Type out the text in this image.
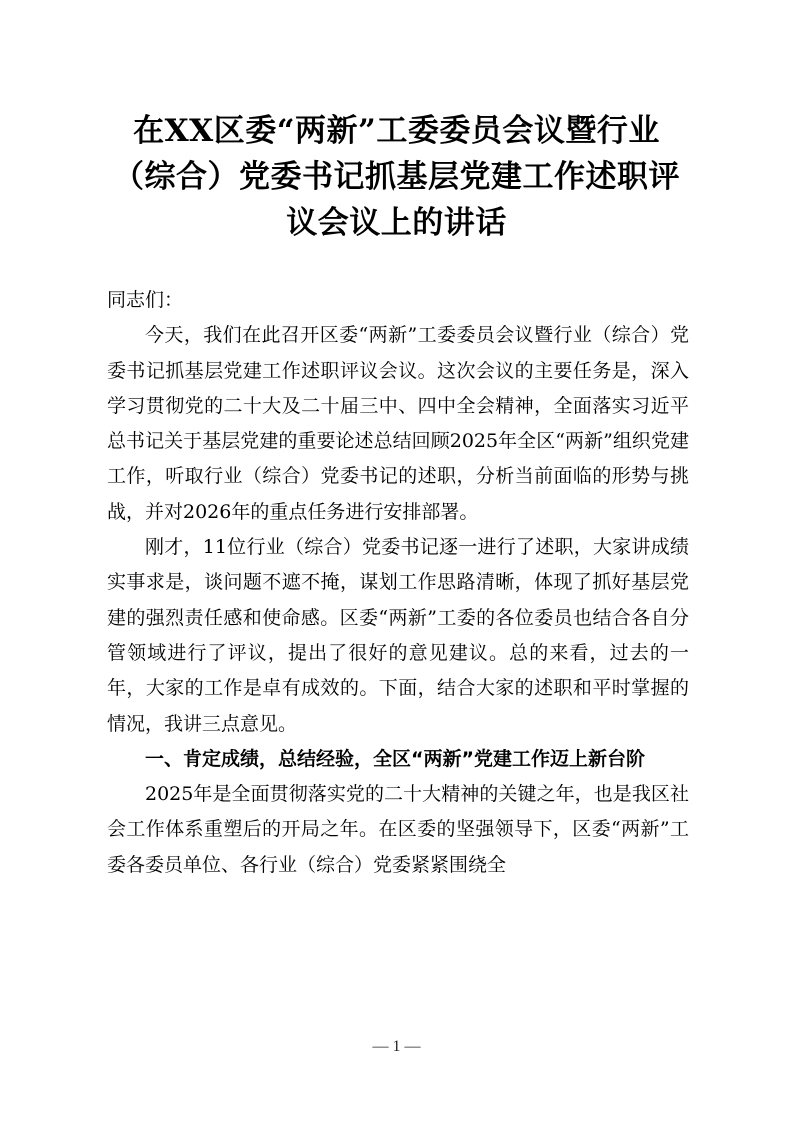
在XX区委“两新”工委委员会议暨行业
（综合）党委书记抓基层党建工作述职评
议会议上的讲话

同志们：

今天，我们在此召开区委“两新”工委委员会议暨行业（综合）党委书记抓基层党建工作述职评议会议。这次会议的主要任务是，深入学习贯彻党的二十大及二十届三中、四中全会精神，全面落实习近平总书记关于基层党建的重要论述总结回顾2025年全区“两新”组织党建工作，听取行业（综合）党委书记的述职，分析当前面临的形势与挑战，并对2026年的重点任务进行安排部署。

刚才，11位行业（综合）党委书记逐一进行了述职，大家讲成绩实事求是，谈问题不遮不掩，谋划工作思路清晰，体现了抓好基层党建的强烈责任感和使命感。区委“两新”工委的各位委员也结合各自分管领域进行了评议，提出了很好的意见建议。总的来看，过去的一年，大家的工作是卓有成效的。下面，结合大家的述职和平时掌握的情况，我讲三点意见。

一、肯定成绩，总结经验，全区“两新”党建工作迈上新台阶

2025年是全面贯彻落实党的二十大精神的关键之年，也是我区社会工作体系重塑后的开局之年。在区委的坚强领导下，区委“两新”工委各委员单位、各行业（综合）党委紧紧围绕全

— 1 —
